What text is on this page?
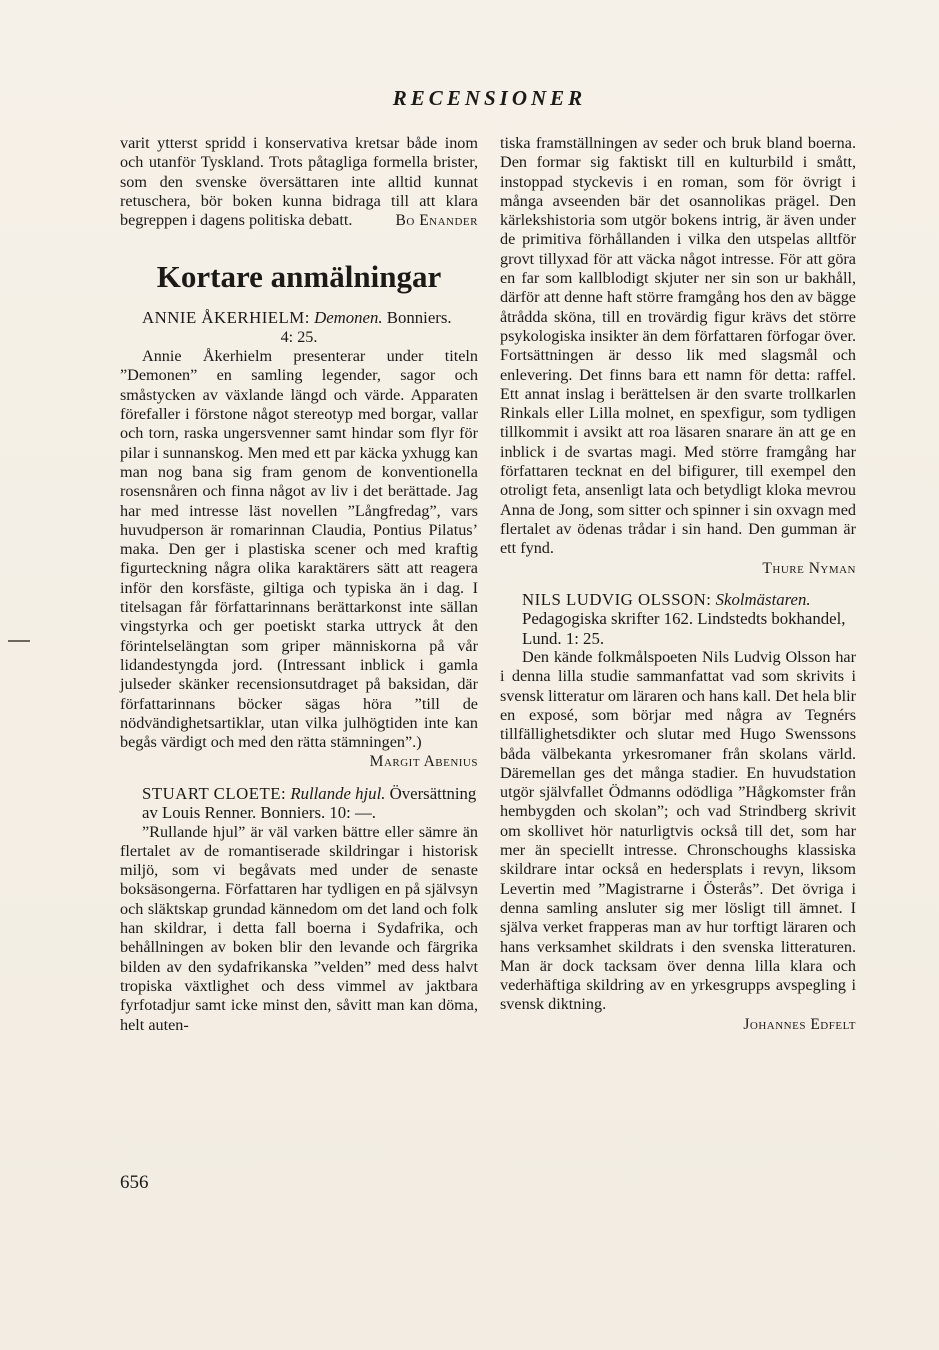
RECENSIONER

varit ytterst spridd i konservativa kretsar både inom och utanför Tyskland. Trots påtagliga formella brister, som den svenske översättaren inte alltid kunnat retuschera, bör boken kunna bidraga till att klara begreppen i dagens politiska debatt.	Bo Enander
Kortare anmälningar

ANNIE ÅKERHIELM: Demonen. Bonniers.

4: 25.

Annie Åkerhielm presenterar under titeln ”Demonen” en samling legender, sagor och småstycken av växlande längd och värde. Apparaten förefaller i förstone något stereotyp med borgar, vallar och torn, raska ungersvenner samt hindar som flyr för pilar i sunnanskog. Men med ett par käcka yxhugg kan man nog bana sig fram genom de konventionella rosensnåren och finna något av liv i det berättade. Jag har med intresse läst novellen ”Långfredag”, vars huvudperson är romarinnan Claudia, Pontius Pilatus’ maka. Den ger i plastiska scener och med kraftig figurteckning några olika karaktärers sätt att reagera inför den korsfäste, giltiga och typiska än i dag. I titelsagan får författarinnans berättarkonst inte sällan vingstyrka och ger poetiskt starka uttryck åt den förintelselängtan som griper människorna på vår lidandestyngda jord. (Intressant inblick i gamla julseder skänker recensionsutdraget på baksidan, där författarinnans böcker sägas höra ”till de nödvändighetsartiklar, utan vilka julhögtiden inte kan begås värdigt och med den rätta stämningen”.)

Margit Abenius

STUART CLOETE: Rullande hjul. Översättning av Louis Renner. Bonniers. 10: —.

”Rullande hjul” är väl varken bättre eller sämre än flertalet av de romantiserade skildringar i historisk miljö, som vi begåvats med under de senaste boksäsongerna. Författaren har tydligen en på självsyn och släktskap grundad kännedom om det land och folk han skildrar, i detta fall boerna i Sydafrika, och behållningen av boken blir den levande och färgrika bilden av den sydafrikanska ”velden” med dess halvt tropiska växtlighet och dess vimmel av jaktbara fyrfotadjur samt icke minst den, såvitt man kan döma, helt auten-

tiska framställningen av seder och bruk bland boerna. Den formar sig faktiskt till en kulturbild i smått, instoppad styckevis i en roman, som för övrigt i många avseenden bär det osannolikas prägel. Den kärlekshistoria som utgör bokens intrig, är även under de primitiva förhållanden i vilka den utspelas alltför grovt tillyxad för att väcka något intresse. För att göra en far som kallblodigt skjuter ner sin son ur bakhåll, därför att denne haft större framgång hos den av bägge åtrådda sköna, till en trovärdig figur krävs det större psykologiska insikter än dem författaren förfogar över. Fortsättningen är desso lik med slagsmål och enlevering. Det finns bara ett namn för detta: raffel. Ett annat inslag i berättelsen är den svarte trollkarlen Rinkals eller Lilla molnet, en spexfigur, som tydligen tillkommit i avsikt att roa läsaren snarare än att ge en inblick i de svartas magi. Med större framgång har författaren tecknat en del bifigurer, till exempel den otroligt feta, ansenligt lata och betydligt kloka mevrou Anna de Jong, som sitter och spinner i sin oxvagn med flertalet av ödenas trådar i sin hand. Den gumman är ett fynd.

Thure Nyman

NILS LUDVIG OLSSON: Skolmästaren. Pedagogiska skrifter 162. Lindstedts bokhandel, Lund. 1: 25.

Den kände folkmålspoeten Nils Ludvig Olsson har i denna lilla studie sammanfattat vad som skrivits i svensk litteratur om läraren och hans kall. Det hela blir en exposé, som börjar med några av Tegnérs tillfällighetsdikter och slutar med Hugo Swenssons båda välbekanta yrkesromaner från skolans värld. Däremellan ges det många stadier. En huvudstation utgör självfallet Ödmanns odödliga ”Hågkomster från hembygden och skolan”; och vad Strindberg skrivit om skollivet hör naturligtvis också till det, som har mer än speciellt intresse. Chronschoughs klassiska skildrare intar också en hedersplats i revyn, liksom Levertin med ”Magistrarne i Österås”. Det övriga i denna samling ansluter sig mer lösligt till ämnet. I själva verket frapperas man av hur torftigt läraren och hans verksamhet skildrats i den svenska litteraturen. Man är dock tacksam över denna lilla klara och vederhäftiga skildring av en yrkesgrupps avspegling i svensk diktning.

Johannes Edfelt

656
